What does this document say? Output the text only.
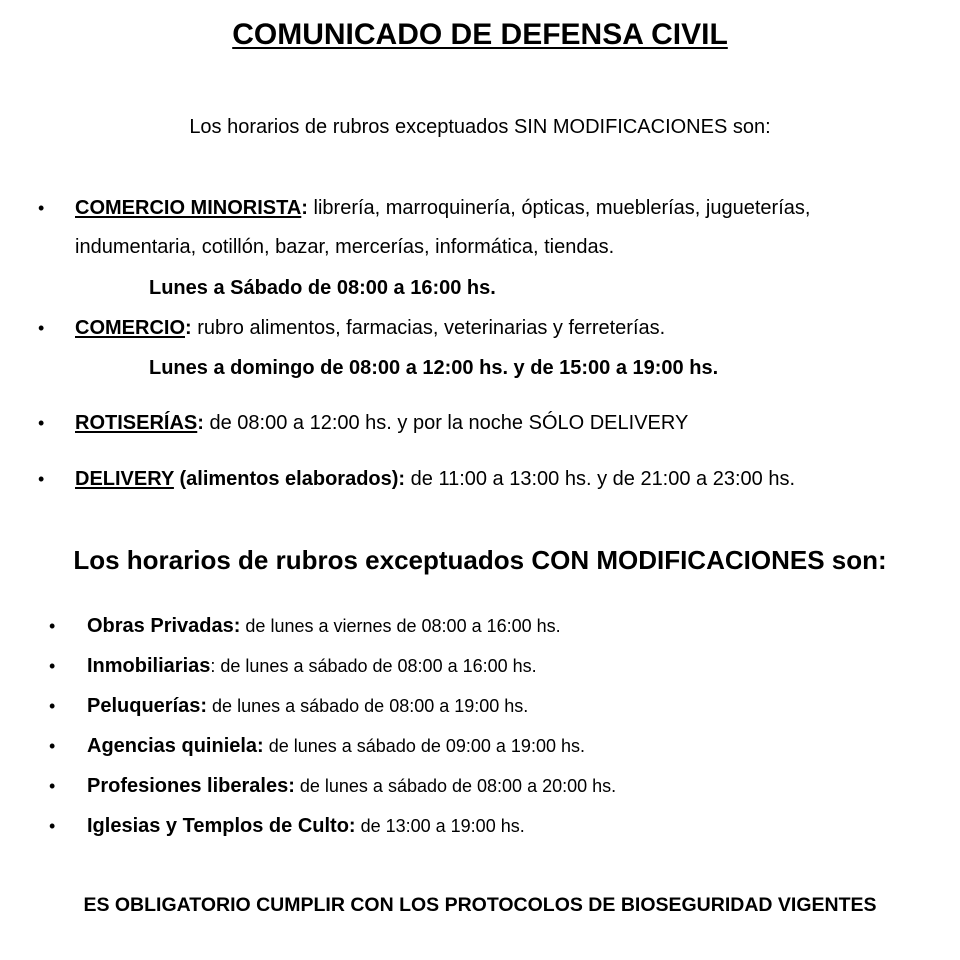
COMUNICADO DE DEFENSA CIVIL
Los horarios de rubros exceptuados SIN MODIFICACIONES son:
• COMERCIO MINORISTA: librería, marroquinería, ópticas, mueblerías, jugueterías,
indumentaria, cotillón, bazar, mercerías, informática, tiendas.
Lunes a Sábado de 08:00 a 16:00 hs.
• COMERCIO: rubro alimentos, farmacias, veterinarias y ferreterías.
Lunes a domingo de 08:00 a 12:00 hs. y de 15:00 a 19:00 hs.
• ROTISERÍAS: de 08:00 a 12:00 hs. y por la noche SÓLO DELIVERY
• DELIVERY (alimentos elaborados): de 11:00 a 13:00 hs. y de 21:00 a 23:00 hs.
Los horarios de rubros exceptuados CON MODIFICACIONES son:
• Obras Privadas: de lunes a viernes de 08:00 a 16:00 hs.
• Inmobiliarias: de lunes a sábado de 08:00 a 16:00 hs.
• Peluquerías: de lunes a sábado de 08:00 a 19:00 hs.
• Agencias quiniela: de lunes a sábado de 09:00 a 19:00 hs.
• Profesiones liberales: de lunes a sábado de 08:00 a 20:00 hs.
• Iglesias y Templos de Culto: de 13:00 a 19:00 hs.
ES OBLIGATORIO CUMPLIR CON LOS PROTOCOLOS DE BIOSEGURIDAD VIGENTES
